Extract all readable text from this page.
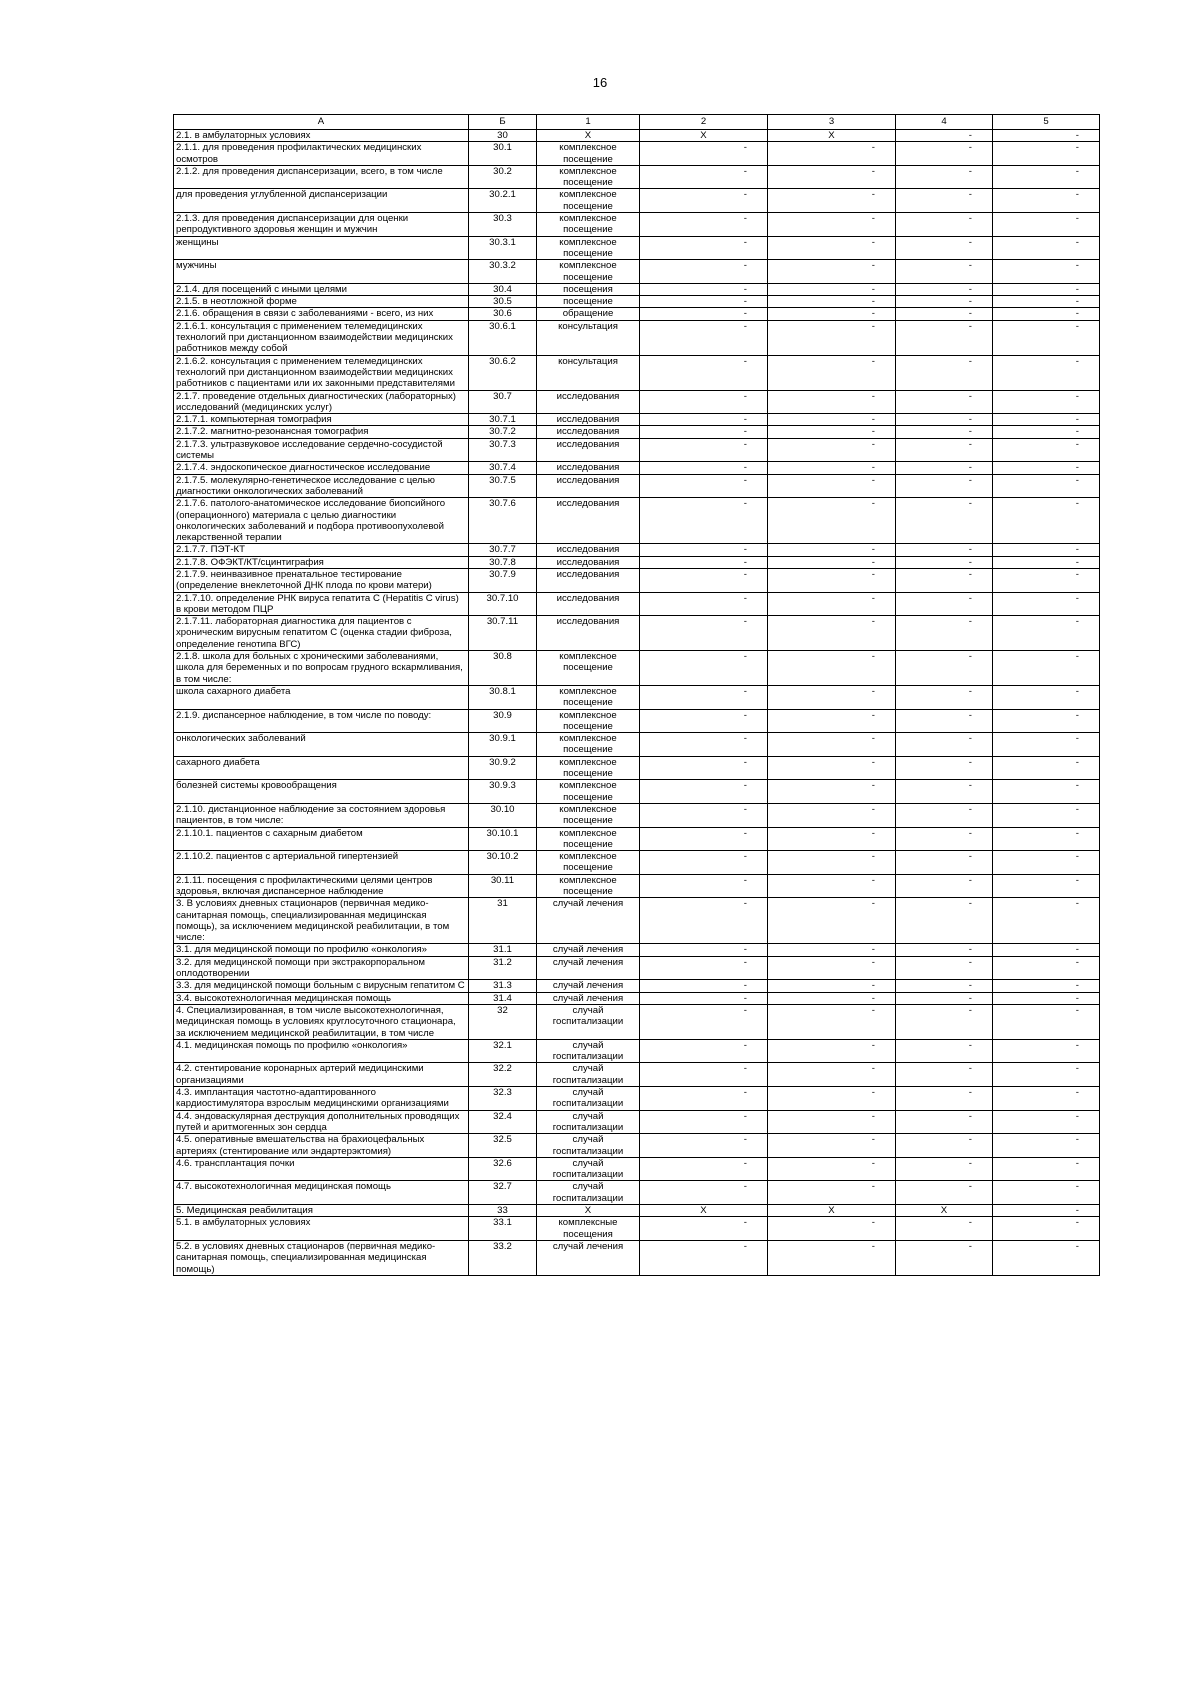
16
А	Б	1	2	3	4	5
2.1. в амбулаторных условиях	30	X	X	X	-	-
2.1.1. для проведения профилактических медицинских осмотров	30.1	комплексное посещение	-	-	-	-
2.1.2. для проведения диспансеризации, всего, в том числе	30.2	комплексное посещение	-	-	-	-
для проведения углубленной диспансеризации	30.2.1	комплексное посещение	-	-	-	-
2.1.3. для проведения диспансеризации для оценки репродуктивного здоровья женщин и мужчин	30.3	комплексное посещение	-	-	-	-
женщины	30.3.1	комплексное посещение	-	-	-	-
мужчины	30.3.2	комплексное посещение	-	-	-	-
2.1.4. для посещений с иными целями	30.4	посещения	-	-	-	-
2.1.5. в неотложной форме	30.5	посещение	-	-	-	-
2.1.6. обращения в связи с заболеваниями - всего, из них	30.6	обращение	-	-	-	-
2.1.6.1. консультация с применением телемедицинских технологий при дистанционном взаимодействии медицинских работников между собой	30.6.1	консультация	-	-	-	-
2.1.6.2. консультация с применением телемедицинских технологий при дистанционном взаимодействии медицинских работников с пациентами или их законными представителями	30.6.2	консультация	-	-	-	-
2.1.7. проведение отдельных диагностических (лабораторных) исследований (медицинских услуг)	30.7	исследования	-	-	-	-
2.1.7.1. компьютерная томография	30.7.1	исследования	-	-	-	-
2.1.7.2. магнитно-резонансная томография	30.7.2	исследования	-	-	-	-
2.1.7.3. ультразвуковое исследование сердечно-сосудистой системы	30.7.3	исследования	-	-	-	-
2.1.7.4. эндоскопическое диагностическое исследование	30.7.4	исследования	-	-	-	-
2.1.7.5. молекулярно-генетическое исследование с целью диагностики онкологических заболеваний	30.7.5	исследования	-	-	-	-
2.1.7.6. патолого-анатомическое исследование биопсийного (операционного) материала с целью диагностики онкологических заболеваний и подбора противоопухолевой лекарственной терапии	30.7.6	исследования	-	-	-	-
2.1.7.7. ПЭТ-КТ	30.7.7	исследования	-	-	-	-
2.1.7.8. ОФЭКТ/КТ/сцинтиграфия	30.7.8	исследования	-	-	-	-
2.1.7.9. неинвазивное пренатальное тестирование (определение внеклеточной ДНК плода по крови матери)	30.7.9	исследования	-	-	-	-
2.1.7.10. определение РНК вируса гепатита С (Hepatitis C virus) в крови методом ПЦР	30.7.10	исследования	-	-	-	-
2.1.7.11. лабораторная диагностика для пациентов с хроническим вирусным гепатитом С (оценка стадии фиброза, определение генотипа ВГС)	30.7.11	исследования	-	-	-	-
2.1.8. школа для больных с хроническими заболеваниями, школа для беременных и по вопросам грудного вскармливания, в том числе:	30.8	комплексное посещение	-	-	-	-
школа сахарного диабета	30.8.1	комплексное посещение	-	-	-	-
2.1.9. диспансерное наблюдение, в том числе по поводу:	30.9	комплексное посещение	-	-	-	-
онкологических заболеваний	30.9.1	комплексное посещение	-	-	-	-
сахарного диабета	30.9.2	комплексное посещение	-	-	-	-
болезней системы кровообращения	30.9.3	комплексное посещение	-	-	-	-
2.1.10. дистанционное наблюдение за состоянием здоровья пациентов, в том числе:	30.10	комплексное посещение	-	-	-	-
2.1.10.1. пациентов с сахарным диабетом	30.10.1	комплексное посещение	-	-	-	-
2.1.10.2. пациентов с артериальной гипертензией	30.10.2	комплексное посещение	-	-	-	-
2.1.11. посещения с профилактическими целями центров здоровья, включая диспансерное наблюдение	30.11	комплексное посещение	-	-	-	-
3. В условиях дневных стационаров (первичная медико-санитарная помощь, специализированная медицинская помощь), за исключением медицинской реабилитации, в том числе:	31	случай лечения	-	-	-	-
3.1. для медицинской помощи по профилю «онкология»	31.1	случай лечения	-	-	-	-
3.2. для медицинской помощи при экстракорпоральном оплодотворении	31.2	случай лечения	-	-	-	-
3.3. для медицинской помощи больным с вирусным гепатитом С	31.3	случай лечения	-	-	-	-
3.4. высокотехнологичная медицинская помощь	31.4	случай лечения	-	-	-	-
4. Специализированная, в том числе высокотехнологичная, медицинская помощь в условиях круглосуточного стационара, за исключением медицинской реабилитации, в том числе	32	случай госпитализации	-	-	-	-
4.1. медицинская помощь по профилю «онкология»	32.1	случай госпитализации	-	-	-	-
4.2. стентирование коронарных артерий медицинскими организациями	32.2	случай госпитализации	-	-	-	-
4.3. имплантация частотно-адаптированного кардиостимулятора взрослым медицинскими организациями	32.3	случай госпитализации	-	-	-	-
4.4. эндоваскулярная деструкция дополнительных проводящих путей и аритмогенных зон сердца	32.4	случай госпитализации	-	-	-	-
4.5. оперативные вмешательства на брахиоцефальных артериях (стентирование или эндартерэктомия)	32.5	случай госпитализации	-	-	-	-
4.6. трансплантация почки	32.6	случай госпитализации	-	-	-	-
4.7. высокотехнологичная медицинская помощь	32.7	случай госпитализации	-	-	-	-
5. Медицинская реабилитация	33	X	X	X	X	-
5.1. в амбулаторных условиях	33.1	комплексные посещения	-	-	-	-
5.2. в условиях дневных стационаров (первичная медико-санитарная помощь, специализированная медицинская помощь)	33.2	случай лечения	-	-	-	-
